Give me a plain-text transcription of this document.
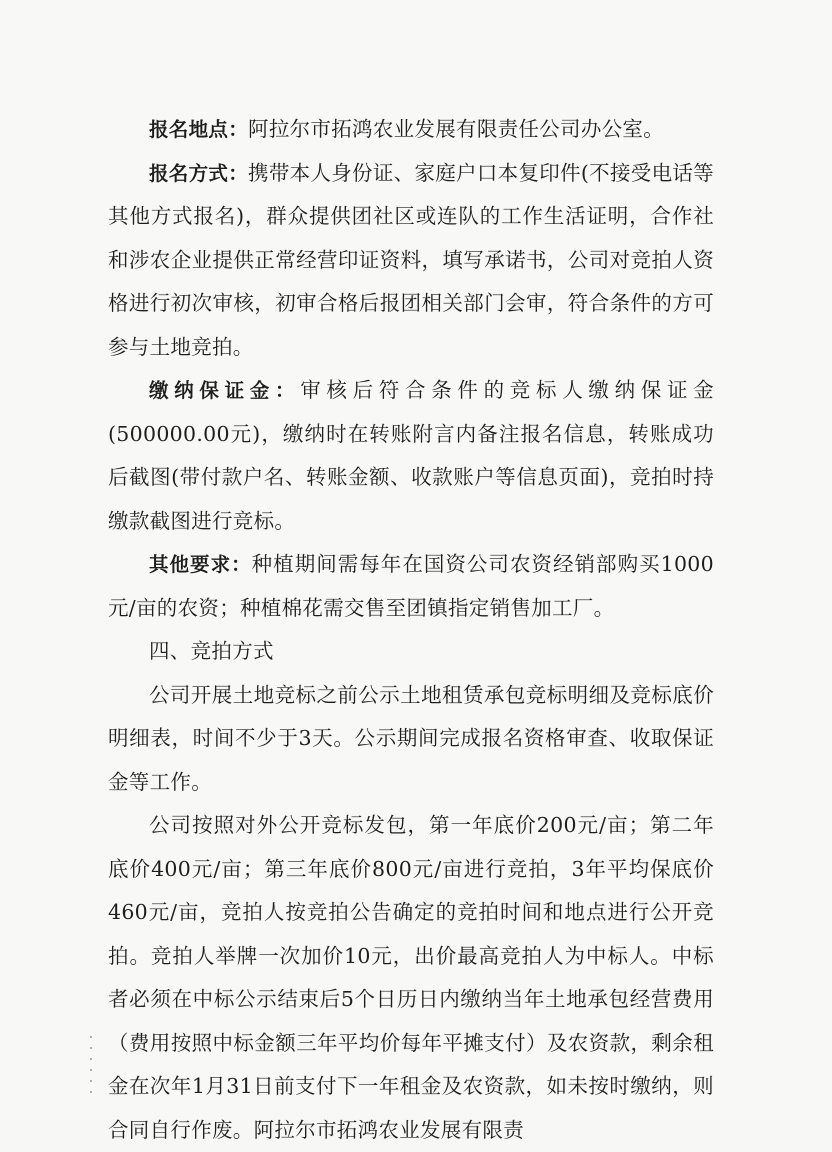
报名地点：阿拉尔市拓鸿农业发展有限责任公司办公室。

报名方式：携带本人身份证、家庭户口本复印件(不接受电话等其他方式报名)，群众提供团社区或连队的工作生活证明，合作社和涉农企业提供正常经营印证资料，填写承诺书，公司对竞拍人资格进行初次审核，初审合格后报团相关部门会审，符合条件的方可参与土地竞拍。

缴纳保证金：审核后符合条件的竞标人缴纳保证金(500000.00元)，缴纳时在转账附言内备注报名信息，转账成功后截图(带付款户名、转账金额、收款账户等信息页面)，竞拍时持缴款截图进行竞标。

其他要求：种植期间需每年在国资公司农资经销部购买1000元/亩的农资；种植棉花需交售至团镇指定销售加工厂。

四、竞拍方式

公司开展土地竞标之前公示土地租赁承包竞标明细及竞标底价明细表，时间不少于3天。公示期间完成报名资格审查、收取保证金等工作。

公司按照对外公开竞标发包，第一年底价200元/亩；第二年底价400元/亩；第三年底价800元/亩进行竞拍，3年平均保底价460元/亩，竞拍人按竞拍公告确定的竞拍时间和地点进行公开竞拍。竞拍人举牌一次加价10元，出价最高竞拍人为中标人。中标者必须在中标公示结束后5个日历日内缴纳当年土地承包经营费用（费用按照中标金额三年平均价每年平摊支付）及农资款，剩余租金在次年1月31日前支付下一年租金及农资款，如未按时缴纳，则合同自行作废。阿拉尔市拓鸿农业发展有限责
